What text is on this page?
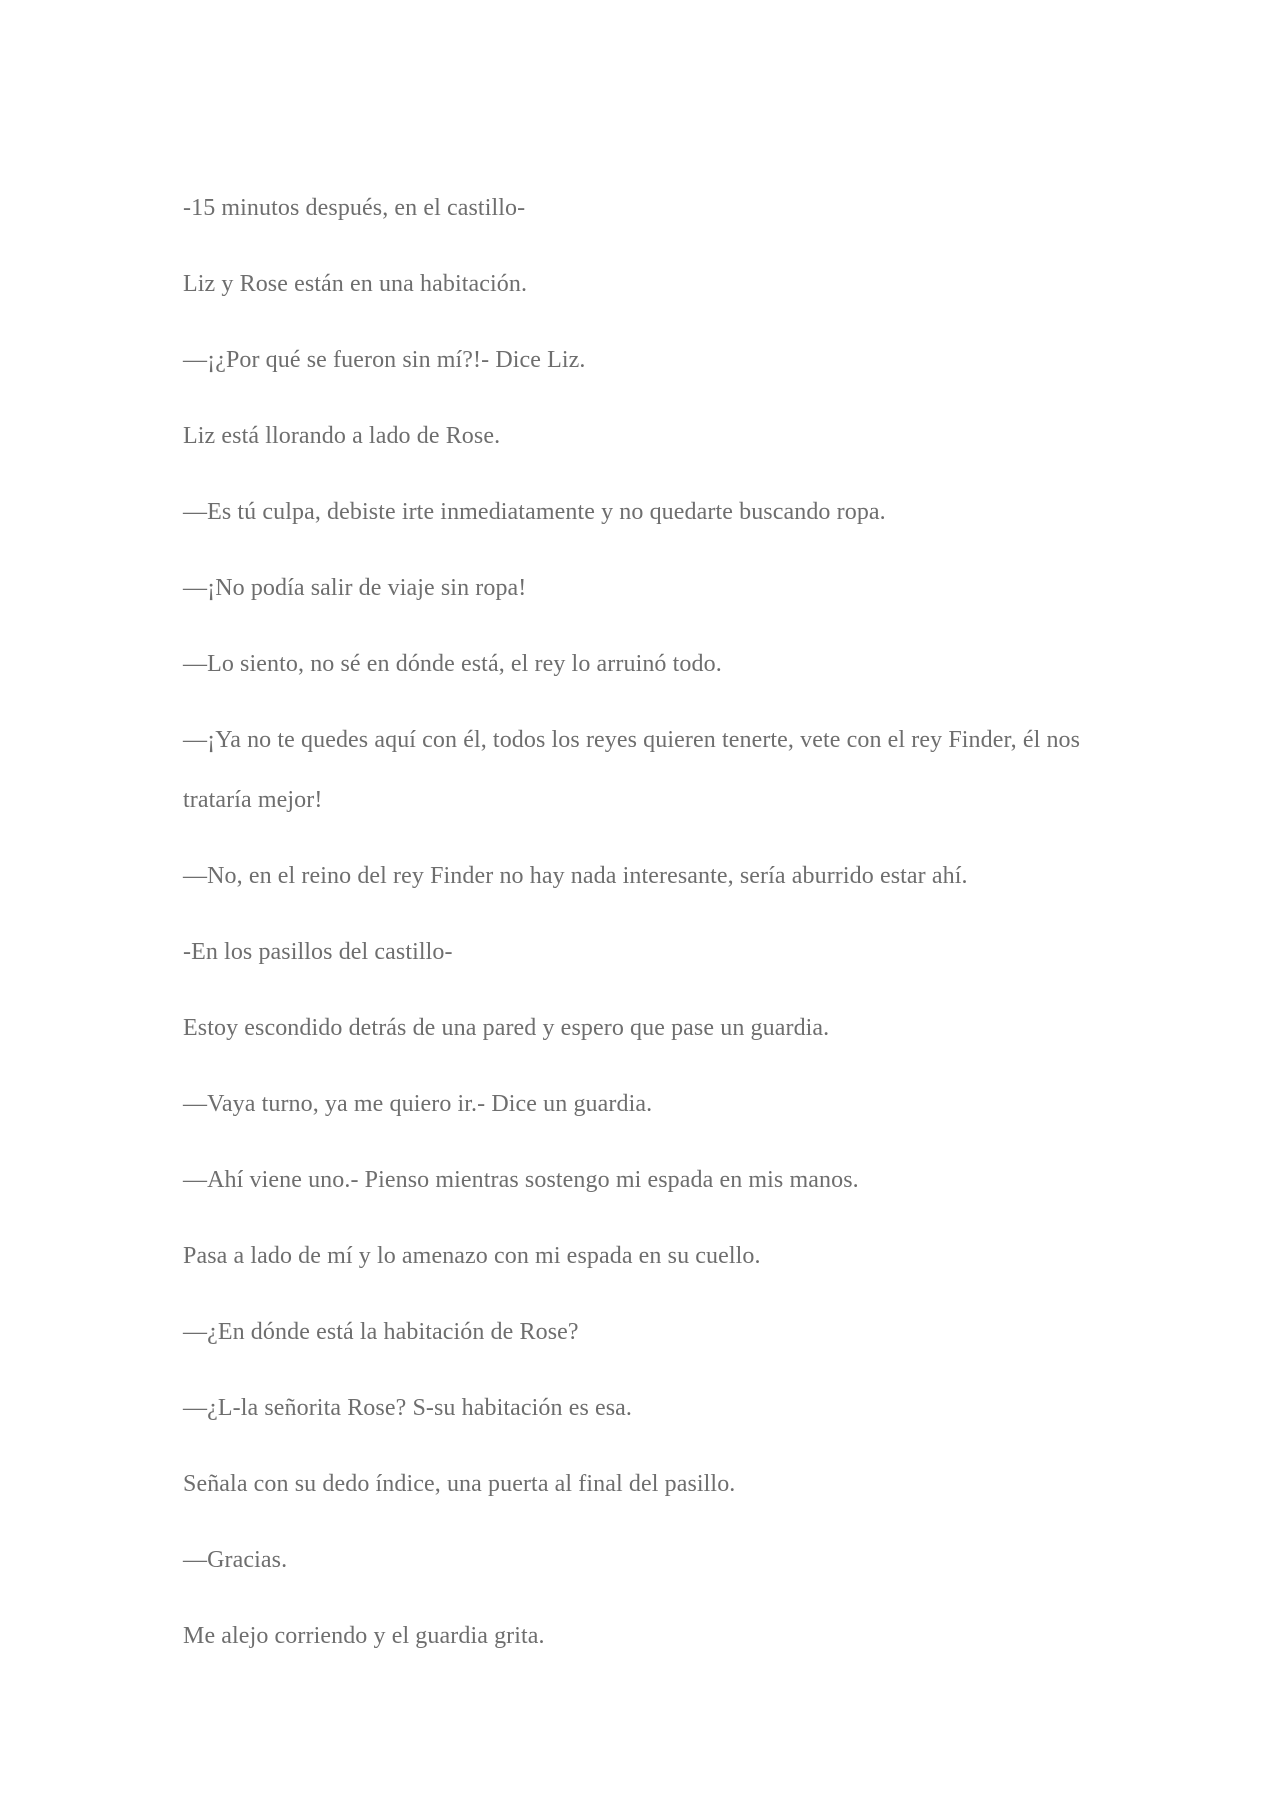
-15 minutos después, en el castillo-

Liz y Rose están en una habitación.

—¡¿Por qué se fueron sin mí?!- Dice Liz.

Liz está llorando a lado de Rose.

—Es tú culpa, debiste irte inmediatamente y no quedarte buscando ropa.

—¡No podía salir de viaje sin ropa!

—Lo siento, no sé en dónde está, el rey lo arruinó todo.

—¡Ya no te quedes aquí con él, todos los reyes quieren tenerte, vete con el rey Finder, él nos trataría mejor!

—No, en el reino del rey Finder no hay nada interesante, sería aburrido estar ahí.

-En los pasillos del castillo-

Estoy escondido detrás de una pared y espero que pase un guardia.

—Vaya turno, ya me quiero ir.- Dice un guardia.

—Ahí viene uno.- Pienso mientras sostengo mi espada en mis manos.

Pasa a lado de mí y lo amenazo con mi espada en su cuello.

—¿En dónde está la habitación de Rose?

—¿L-la señorita Rose? S-su habitación es esa.

Señala con su dedo índice, una puerta al final del pasillo.

—Gracias.

Me alejo corriendo y el guardia grita.
